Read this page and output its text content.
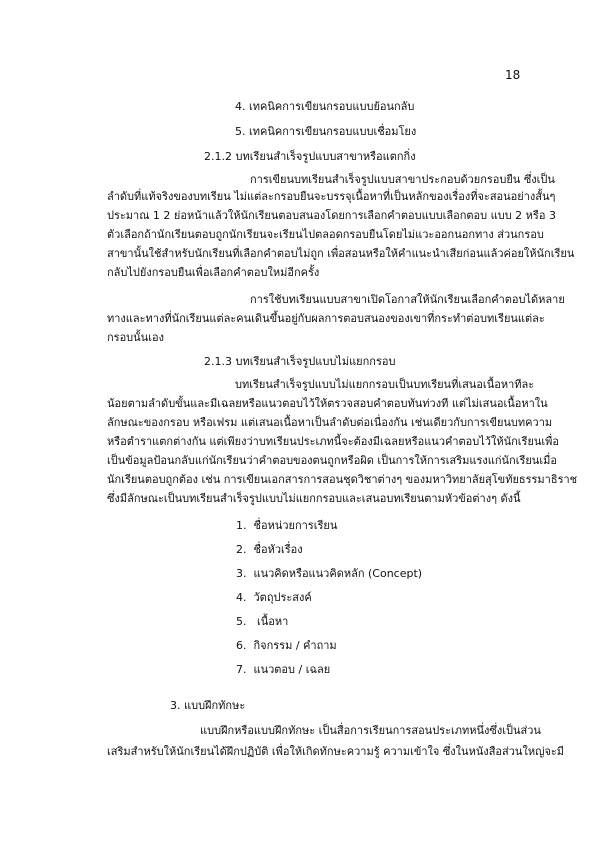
18
4. เทคนิคการเขียนกรอบแบบย้อนกลับ
5. เทคนิคการเขียนกรอบแบบเชื่อมโยง
2.1.2 บทเรียนสำเร็จรูปแบบสาขาหรือแตกกิ่ง
การเขียนบทเรียนสำเร็จรูปแบบสาขาประกอบด้วยกรอบยืน ซึ่งเป็น
ลำดับที่แท้จริงของบทเรียน ไม่แต่ละกรอบยืนจะบรรจุเนื้อหาที่เป็นหลักของเรื่องที่จะสอนอย่างสั้นๆ
ประมาณ 1 2 ย่อหน้าแล้วให้นักเรียนตอบสนองโดยการเลือกคำตอบแบบเลือกตอบ แบบ 2 หรือ 3
ตัวเลือกถ้านักเรียนตอบถูกนักเรียนจะเรียนไปตลอดกรอบยืนโดยไม่แวะออกนอกทาง ส่วนกรอบ
สาขานั้นใช้สำหรับนักเรียนที่เลือกคำตอบไม่ถูก เพื่อสอนหรือให้คำแนะนำเสียก่อนแล้วค่อยให้นักเรียน
กลับไปยังกรอบยืนเพื่อเลือกคำตอบใหม่อีกครั้ง
การใช้บทเรียนแบบสาขาเปิดโอกาสให้นักเรียนเลือกคำตอบได้หลาย
ทางและทางที่นักเรียนแต่ละคนเดินขึ้นอยู่กับผลการตอบสนองของเขาที่กระทำต่อบทเรียนแต่ละ
กรอบนั้นเอง
2.1.3 บทเรียนสำเร็จรูปแบบไม่แยกกรอบ
บทเรียนสำเร็จรูปแบบไม่แยกกรอบเป็นบทเรียนที่เสนอเนื้อหาทีละ
น้อยตามลำดับขั้นและมีเฉลยหรือแนวตอบไว้ให้ตรวจสอบคำตอบทันท่วงที แต่ไม่เสนอเนื้อหาใน
ลักษณะของกรอบ หรือเฟรม แต่เสนอเนื้อหาเป็นลำดับต่อเนื่องกัน เช่นเดียวกับการเขียนบทความ
หรือตำราแตกต่างกัน แต่เพียงว่าบทเรียนประเภทนี้จะต้องมีเฉลยหรือแนวคำตอบไว้ให้นักเรียนเพื่อ
เป็นข้อมูลป้อนกลับแก่นักเรียนว่าคำตอบของตนถูกหรือผิด เป็นการให้การเสริมแรงแก่นักเรียนเมื่อ
นักเรียนตอบถูกต้อง เช่น การเขียนเอกสารการสอนชุดวิชาต่างๆ ของมหาวิทยาลัยสุโขทัยธรรมาธิราช
ซึ่งมีลักษณะเป็นบทเรียนสำเร็จรูปแบบไม่แยกกรอบและเสนอบทเรียนตามหัวข้อต่างๆ ดังนี้
1. ชื่อหน่วยการเรียน
2. ชื่อหัวเรื่อง
3. แนวคิดหรือแนวคิดหลัก (Concept)
4. วัตถุประสงค์
5.   เนื้อหา
6. กิจกรรม / คำถาม
7. แนวตอบ / เฉลย
3. แบบฝึกทักษะ
แบบฝึกหรือแบบฝึกทักษะ เป็นสื่อการเรียนการสอนประเภทหนึ่งซึ่งเป็นส่วน
เสริมสำหรับให้นักเรียนได้ฝึกปฏิบัติ เพื่อให้เกิดทักษะความรู้ ความเข้าใจ ซึ่งในหนังสือส่วนใหญ่จะมี
